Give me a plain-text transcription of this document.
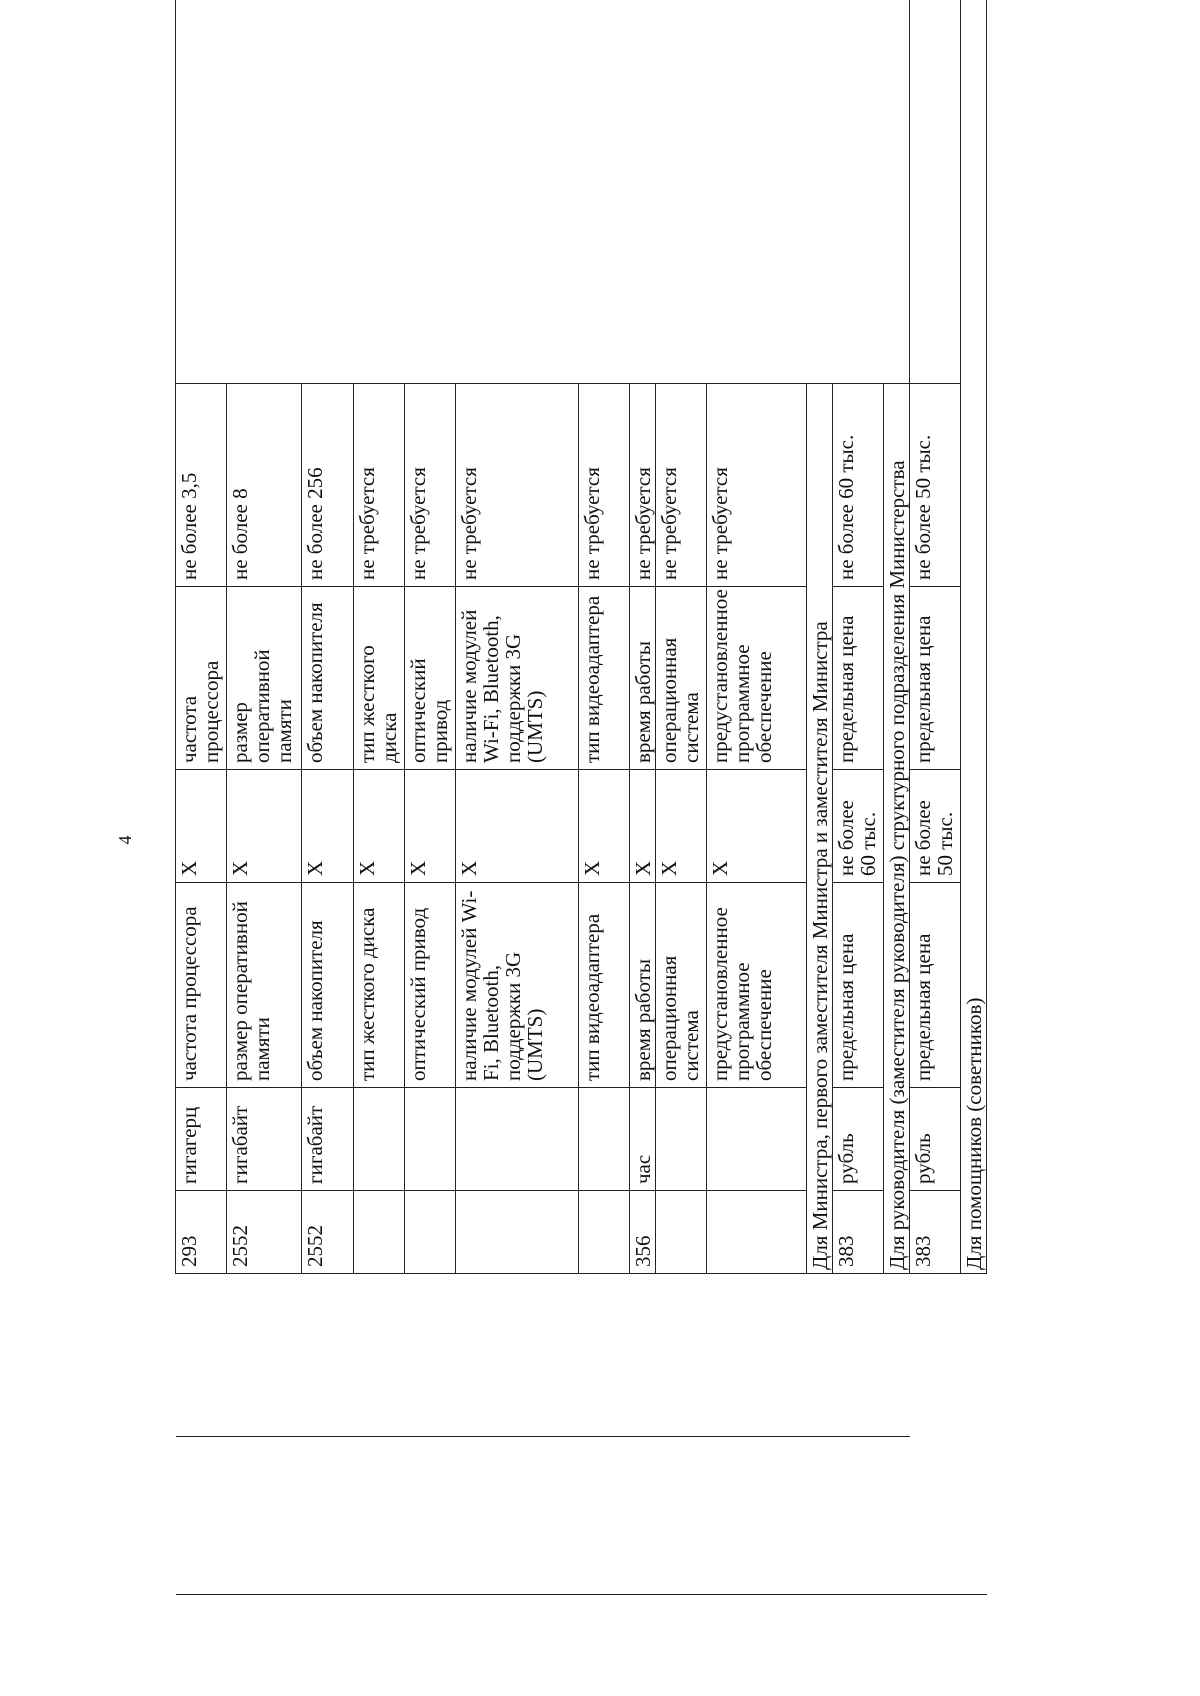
4
		293	гигагерц	частота процессора	X	частота процессора	не более 3,5	
		2552	гигабайт	размер оперативной памяти	X	размер оперативной памяти	не более 8	
		2552	гигабайт	объем накопителя	X	объем накопителя	не более 256	
				тип жесткого диска	X	тип жесткого диска	не требуется	
				оптический привод	X	оптический привод	не требуется	
				наличие модулей Wi-Fi, Bluetooth, поддержки 3G (UMTS)	X	наличие модулей Wi-Fi, Bluetooth, поддержки 3G (UMTS)	не требуется	
				тип видеоадаптера	X	тип видеоадаптера	не требуется	
		356	час	время работы	X	время работы	не требуется	
				операционная система	X	операционная система	не требуется	
				предустановленное программное обеспечение	X	предустановленное программное обеспечение	не требуется	
		Для Министра, первого заместителя Министра и заместителя Министра						
		383	рубль	предельная цена	не более 60 тыс.	предельная цена	не более 60 тыс.	
		Для руководителя (заместителя руководителя) структурного подразделения Министерства						
		383	рубль	предельная цена	не более 50 тыс.	предельная цена	не более 50 тыс.	
		Для помощников (советников)						
